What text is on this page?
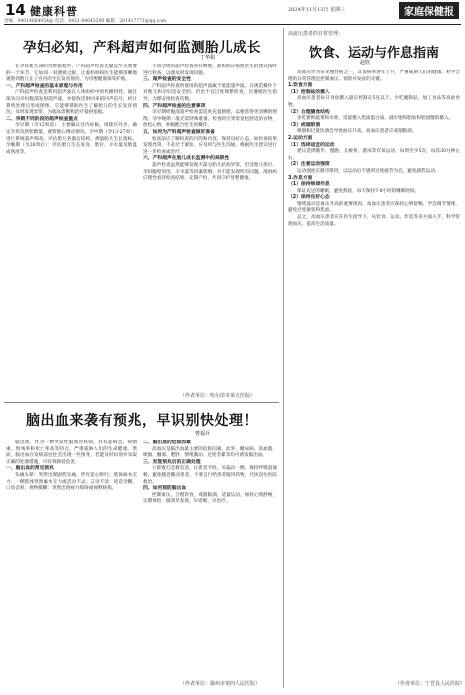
14 健康科普	2024年11月13日 星期三	家庭保健报
责编：04014664054@ 电话：0451-84645500 邮箱：201417771@qq.com
孕妇必知，产科超声如何监测胎儿成长
丁华娟

在孕育新生命的奇妙旅程中，产科超声检查无疑是至关重要的一个环节。它如同一双透视之眼，让准妈妈和医生能够清晰地观察到胎儿在子宫内的生长发育情况，为母婴健康保驾护航。

一、产科超声检查的基本原理与作用

产科超声检查是利用超声波在人体组织中的传播特性，通过探头向孕妇腹部发射超声波，并接收反射回来的回声信号，经计算机处理后形成图像。它能够帮助医生了解胎儿的生长发育情况，及时发现异常，为临床诊断和治疗提供依据。

二、孕期不同阶段的超声检查重点

孕早期（孕12周前）：主要确认宫内妊娠，排除宫外孕，确定孕周及胚胎数量，观察胎心搏动情况。孕中期（孕13-27周）：进行系统超声筛查，评估胎儿各器官结构，测量胎儿生长指标。孕晚期（孕28周后）：评估胎儿生长发育、胎位、羊水量及胎盘成熟度等。

不同孕周的超声检查各有侧重，准妈妈应按照医生的建议按时进行检查，以便及时发现问题。

三、超声检查的安全性

产科超声检查所使用的超声波属于低能量声波，在规范操作下对胎儿和孕妇是安全的。但也不宜过度频繁检查，应遵循医生指导，合理安排检查次数。

四、产科超声检查的注意事项

孕早期经腹部超声检查需适度充盈膀胱，以便获得更清晰的图像；孕中晚期一般无需特殊准备。检查时应穿着宽松舒适的衣物，放松心情，积极配合医生的操作。

五、如何为产科超声检查做好准备

检查前应了解检查的目的和内容，保持良好心态。如检查结果发现异常，不必过于紧张，应及时与医生沟通，根据医生建议进行进一步检查或治疗。

六、产科超声在胎儿成长监测中的局限性

超声检查虽然能够发现大部分胎儿结构异常，但受胎儿体位、孕妇腹壁厚度、羊水量等因素影响，并不能发现所有问题。准妈妈应理性看待检查结果，定期产检，共同守护母婴健康。

（作者单位：哈尔滨市第五医院）
脑出血来袭有预兆，早识别快处理！
曹福兵

脑出血，作为一种突发性脑血管疾病，具有起病急、病情重、致残率和死亡率高等特点，严重威胁人们的生命健康。然而，脑出血在发病前往往会出现一些预兆，若能及时识别并采取正确的处理措施，可有效降低危害。

一、脑出血的常见预兆

头痛头晕：突然出现剧烈头痛，伴有恶心呕吐；肢体麻木无力：一侧肢体突然麻木无力或活动不灵；言语不清：说话含糊、口角歪斜；视物模糊：突然出现视力障碍或视野缺损。

二、脑出血的危险因素

高血压是脑出血最主要的危险因素，此外，糖尿病、高血脂、吸烟、酗酒、肥胖、情绪激动、过度劳累等均可诱发脑出血。

三、发现预兆后的正确处理

立即拨打急救电话，让患者平卧，头偏向一侧，保持呼吸道通畅，避免随意搬动患者，不要自行给患者服用药物，尽快送往医院救治。

四、如何预防脑出血

控制血压，合理饮食，戒烟限酒，适量运动，保持心情舒畅，定期体检，做到早发现、早诊断、早治疗。

（作者单位：滁州市第四人民医院）
高血压患者的日常管理：
饮食、运动与作息指南
赵欣

高血压作为常见慢性病之一，其发病率逐年上升，严重威胁人们的健康。科学合理的日常管理是控制血压、预防并发症的关键。

1.饮食方面
（1）控制盐的摄入

高血压患者每日食盐摄入量应控制在5克以下，少吃腌制品、加工食品等高盐食物。

（2）合理膳食结构

多吃新鲜蔬菜和水果，适量摄入优质蛋白质，减少饱和脂肪和胆固醇的摄入。

（3）戒烟限酒

吸烟和过量饮酒会导致血压升高，高血压患者应戒烟限酒。

2.运动方面
（1）选择适宜的运动

建议选择散步、慢跑、太极拳、游泳等有氧运动，每周至少5次，每次30分钟左右。

（2）注意运动强度

运动强度应循序渐进，以运动后不感到过度疲劳为宜，避免剧烈运动。

3.作息方面
（1）保持规律作息

保证充足的睡眠，避免熬夜，每天保持7-8小时的睡眠时间。

（2）保持良好心态

情绪波动是血压升高的重要诱因，高血压患者应保持心情舒畅，学会调节情绪，避免过度紧张和焦虑。

总之，高血压患者应在医生指导下，从饮食、运动、作息等多方面入手，科学管理血压，提高生活质量。

（作者单位：宁晋县人民医院）
